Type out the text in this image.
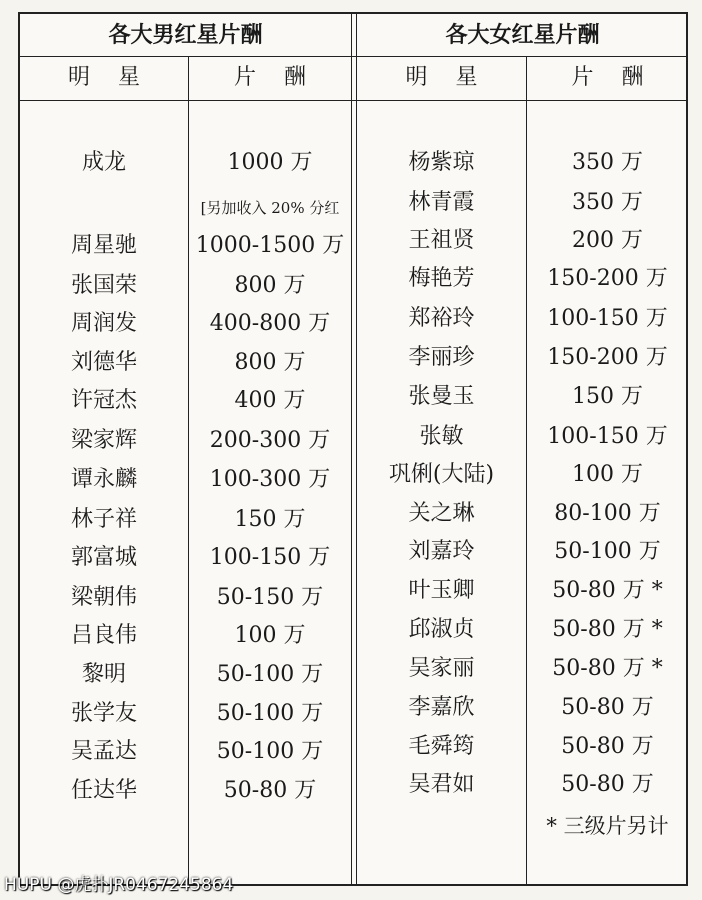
各大男红星片酬	各大女红星片酬
明星	片酬	明星	片酬
成龙	1000 万
[另加收入 20% 分红
周星驰	1000-1500 万
张国荣	800 万
周润发	400-800 万
刘德华	800 万
许冠杰	400 万
梁家辉	200-300 万
谭永麟	100-300 万
林子祥	150 万
郭富城	100-150 万
梁朝伟	50-150 万
吕良伟	100 万
黎明	50-100 万
张学友	50-100 万
吴孟达	50-100 万
任达华	50-80 万
杨紫琼	350 万
林青霞	350 万
王祖贤	200 万
梅艳芳	150-200 万
郑裕玲	100-150 万
李丽珍	150-200 万
张曼玉	150 万
张敏	100-150 万
巩俐(大陆)	100 万
关之琳	80-100 万
刘嘉玲	50-100 万
叶玉卿	50-80 万 *
邱淑贞	50-80 万 *
吴家丽	50-80 万 *
李嘉欣	50-80 万
毛舜筠	50-80 万
吴君如	50-80 万
* 三级片另计
HUPU @虎扑JR0467245864
